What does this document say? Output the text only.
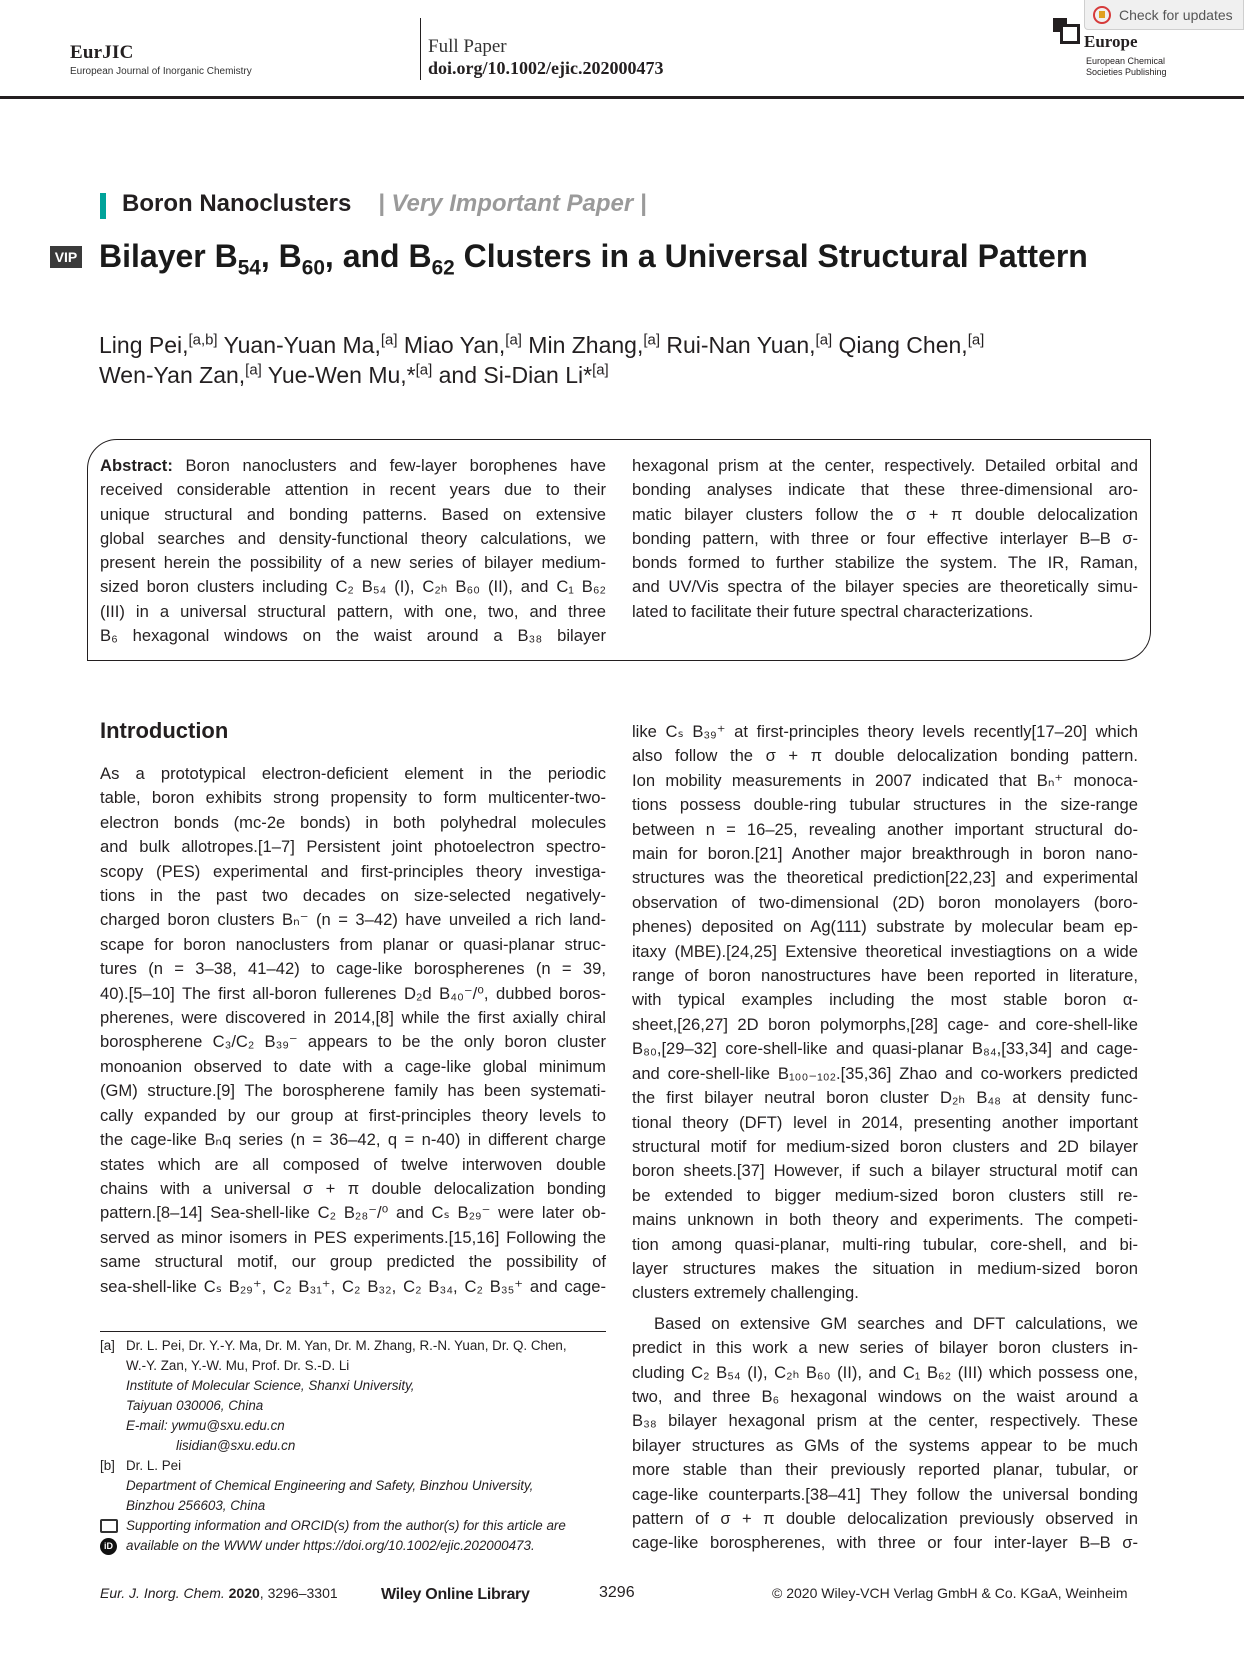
EurJIC
European Journal of Inorganic Chemistry
Full Paper
doi.org/10.1002/ejic.202000473
Europe
European Chemical
Societies Publishing
Check for updates
Boron Nanoclusters | Very Important Paper |
VIP Bilayer $B_{54}$, $B_{60}$, and $B_{62}$ Clusters in a Universal Structural Pattern
Ling Pei,[a,b] Yuan-Yuan Ma,[a] Miao Yan,[a] Min Zhang,[a] Rui-Nan Yuan,[a] Qiang Chen,[a]
Wen-Yan Zan,[a] Yue-Wen Mu,*[a] and Si-Dian Li*[a]

Abstract: Boron nanoclusters and few-layer borophenes have

received considerable attention in recent years due to their

unique structural and bonding patterns. Based on extensive

global searches and density-functional theory calculations, we

present herein the possibility of a new series of bilayer medium-

sized boron clusters including C₂ B₅₄ (I), C₂ₕ B₆₀ (II), and C₁ B₆₂

(III) in a universal structural pattern, with one, two, and three

B₆ hexagonal windows on the waist around a B₃₈ bilayer

hexagonal prism at the center, respectively. Detailed orbital and

bonding analyses indicate that these three-dimensional aro-

matic bilayer clusters follow the σ + π double delocalization

bonding pattern, with three or four effective interlayer B–B σ-

bonds formed to further stabilize the system. The IR, Raman,

and UV/Vis spectra of the bilayer species are theoretically simu-

lated to facilitate their future spectral characterizations.

Introduction

As a prototypical electron-deficient element in the periodic

table, boron exhibits strong propensity to form multicenter-two-

electron bonds (mc-2e bonds) in both polyhedral molecules

and bulk allotropes.[1–7] Persistent joint photoelectron spectro-

scopy (PES) experimental and first-principles theory investiga-

tions in the past two decades on size-selected negatively-

charged boron clusters Bₙ⁻ (n = 3–42) have unveiled a rich land-

scape for boron nanoclusters from planar or quasi-planar struc-

tures (n = 3–38, 41–42) to cage-like borospherenes (n = 39,

40).[5–10] The first all-boron fullerenes D₂d B₄₀⁻/⁰, dubbed boros-

pherenes, were discovered in 2014,[8] while the first axially chiral

borospherene C₃/C₂ B₃₉⁻ appears to be the only boron cluster

monoanion observed to date with a cage-like global minimum

(GM) structure.[9] The borospherene family has been systemati-

cally expanded by our group at first-principles theory levels to

the cage-like Bₙq series (n = 36–42, q = n-40) in different charge

states which are all composed of twelve interwoven double

chains with a universal σ + π double delocalization bonding

pattern.[8–14] Sea-shell-like C₂ B₂₈⁻/⁰ and Cₛ B₂₉⁻ were later ob-

served as minor isomers in PES experiments.[15,16] Following the

same structural motif, our group predicted the possibility of

sea-shell-like Cₛ B₂₉⁺, C₂ B₃₁⁺, C₂ B₃₂, C₂ B₃₄, C₂ B₃₅⁺ and cage-

like Cₛ B₃₉⁺ at first-principles theory levels recently[17–20] which

also follow the σ + π double delocalization bonding pattern.

Ion mobility measurements in 2007 indicated that Bₙ⁺ monoca-

tions possess double-ring tubular structures in the size-range

between n = 16–25, revealing another important structural do-

main for boron.[21] Another major breakthrough in boron nano-

structures was the theoretical prediction[22,23] and experimental

observation of two-dimensional (2D) boron monolayers (boro-

phenes) deposited on Ag(111) substrate by molecular beam ep-

itaxy (MBE).[24,25] Extensive theoretical investiagtions on a wide

range of boron nanostructures have been reported in literature,

with typical examples including the most stable boron α-

sheet,[26,27] 2D boron polymorphs,[28] cage- and core-shell-like

B₈₀,[29–32] core-shell-like and quasi-planar B₈₄,[33,34] and cage-

and core-shell-like B₁₀₀₋₁₀₂.[35,36] Zhao and co-workers predicted

the first bilayer neutral boron cluster D₂ₕ B₄₈ at density func-

tional theory (DFT) level in 2014, presenting another important

structural motif for medium-sized boron clusters and 2D bilayer

boron sheets.[37] However, if such a bilayer structural motif can

be extended to bigger medium-sized boron clusters still re-

mains unknown in both theory and experiments. The competi-

tion among quasi-planar, multi-ring tubular, core-shell, and bi-

layer structures makes the situation in medium-sized boron

clusters extremely challenging.

Based on extensive GM searches and DFT calculations, we

predict in this work a new series of bilayer boron clusters in-

cluding C₂ B₅₄ (I), C₂ₕ B₆₀ (II), and C₁ B₆₂ (III) which possess one,

two, and three B₆ hexagonal windows on the waist around a

B₃₈ bilayer hexagonal prism at the center, respectively. These

bilayer structures as GMs of the systems appear to be much

more stable than their previously reported planar, tubular, or

cage-like counterparts.[38–41] They follow the universal bonding

pattern of σ + π double delocalization previously observed in

cage-like borospherenes, with three or four inter-layer B–B σ-

[a] Dr. L. Pei, Dr. Y.-Y. Ma, Dr. M. Yan, Dr. M. Zhang, R.-N. Yuan, Dr. Q. Chen,
W.-Y. Zan, Y.-W. Mu, Prof. Dr. S.-D. Li
Institute of Molecular Science, Shanxi University,
Taiyuan 030006, China
E-mail: ywmu@sxu.edu.cn
lisidian@sxu.edu.cn
[b] Dr. L. Pei
Department of Chemical Engineering and Safety, Binzhou University,
Binzhou 256603, China
Supporting information and ORCID(s) from the author(s) for this article are
iD available on the WWW under https://doi.org/10.1002/ejic.202000473.
Eur. J. Inorg. Chem. 2020, 3296–3301	Wiley Online Library	3296	© 2020 Wiley-VCH Verlag GmbH & Co. KGaA, Weinheim
